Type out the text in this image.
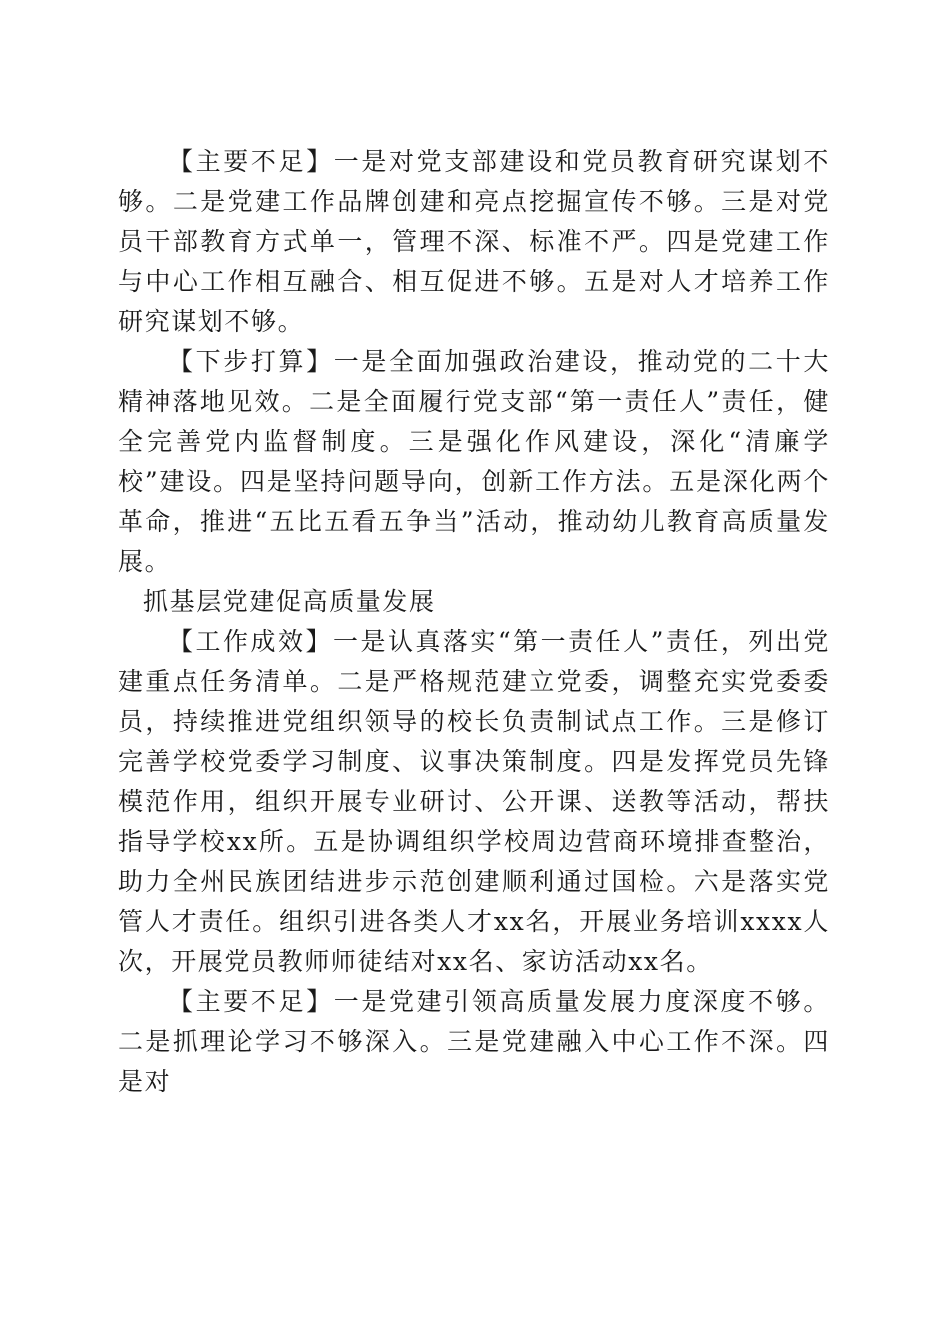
【主要不足】一是对党支部建设和党员教育研究谋划不够。二是党建工作品牌创建和亮点挖掘宣传不够。三是对党员干部教育方式单一，管理不深、标准不严。四是党建工作与中心工作相互融合、相互促进不够。五是对人才培养工作研究谋划不够。

【下步打算】一是全面加强政治建设，推动党的二十大精神落地见效。二是全面履行党支部“第一责任人”责任，健全完善党内监督制度。三是强化作风建设，深化“清廉学校”建设。四是坚持问题导向，创新工作方法。五是深化两个革命，推进“五比五看五争当”活动，推动幼儿教育高质量发展。

抓基层党建促高质量发展

【工作成效】一是认真落实“第一责任人”责任，列出党建重点任务清单。二是严格规范建立党委，调整充实党委委员，持续推进党组织领导的校长负责制试点工作。三是修订完善学校党委学习制度、议事决策制度。四是发挥党员先锋模范作用，组织开展专业研讨、公开课、送教等活动，帮扶指导学校xx所。五是协调组织学校周边营商环境排查整治，助力全州民族团结进步示范创建顺利通过国检。六是落实党管人才责任。组织引进各类人才xx名，开展业务培训xxxx人次，开展党员教师师徒结对xx名、家访活动xx名。

【主要不足】一是党建引领高质量发展力度深度不够。二是抓理论学习不够深入。三是党建融入中心工作不深。四是对
